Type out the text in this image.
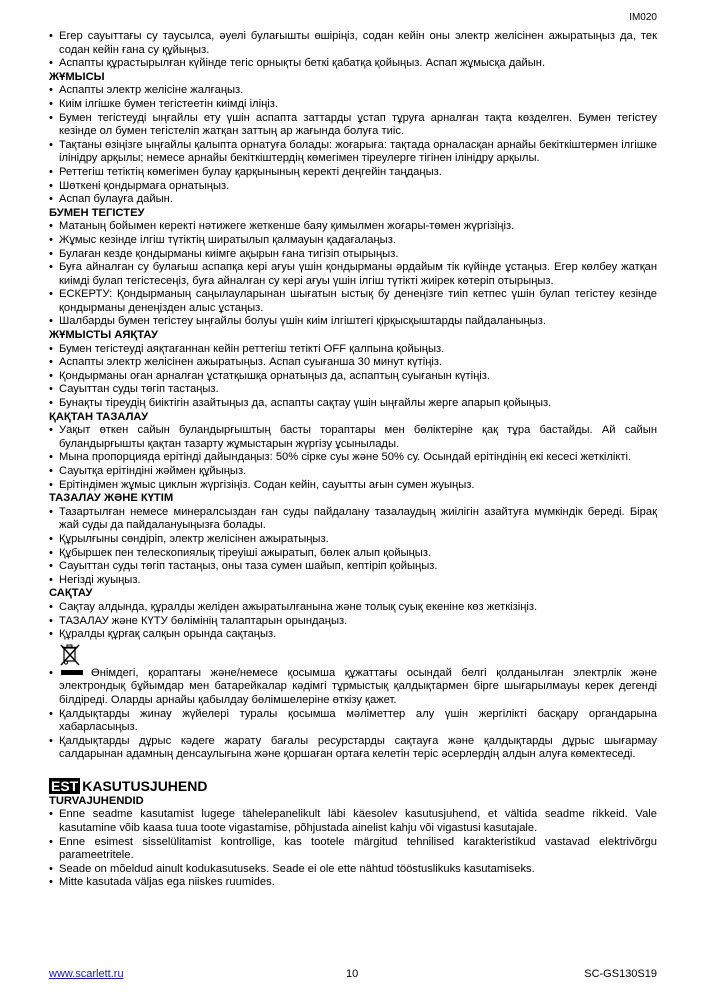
IM020
• Егер сауыттағы су таусылса, әуелі булағышты өшіріңіз, содан кейін оны электр желісінен ажыратыңыз да, тек содан кейін ғана су құйыңыз.
• Аспапты құрастырылған күйінде тегіс орнықты беткі қабатқа қойыңыз. Аспап жұмысқа дайын.

ЖҰМЫСЫ

• Аспапты электр желісіне жалғаңыз.
• Киім ілгішке бумен тегістеетін киімді іліңіз.
• Бумен тегістеуді ыңғайлы ету үшін аспапта заттарды ұстап тұруға арналған тақта көзделген. Бумен тегістеу кезінде ол бумен тегістеліп жатқан заттың ар жағында болуға тиіс.
• Тақтаны өзіңізге ыңғайлы қалыпта орнатуға болады: жоғарыға: тақтада орналасқан арнайы бекіткіштермен ілгішке ілінідру арқылы; немесе арнайы бекіткіштердің көмегімен тіреулерге тігінен ілінідру арқылы.
• Реттегіш тетіктің көмегімен булау қарқынының керекті деңгейін таңдаңыз.
• Шөткені қондырмаға орнатыңыз.
• Аспап булауға дайын.

БУМЕН ТЕГІСТЕУ

• Матаның бойымен керекті нәтижеге жеткенше баяу қимылмен жоғары-төмен жүргізіңіз.
• Жұмыс кезінде ілгіш түтіктің ширатылып қалмауын қадағалаңыз.
• Булаған кезде қондырманы киімге ақырын ғана тигізіп отырыңыз.
• Буға айналған су булағыш аспапқа кері ағуы үшін қондырманы әрдайым тік күйінде ұстаңыз. Егер көлбеу жатқан киімді булап тегістесеңіз, буға айналған су кері ағуы үшін ілгіш түтікті жиірек көтеріп отырыңыз.
• ЕСКЕРТУ: Қондырманың саңылауларынан шығатын ыстық бу денеңізге тиіп кетпес үшін булап тегістеу кезінде қондырманы денеңізден алыс ұстаңыз.
• Шалбарды бумен тегістеу ыңғайлы болуы үшін киім ілгіштегі қірқысқыштарды пайдаланыңыз.

ЖҰМЫСТЫ АЯҚТАУ

• Бумен тегістеуді аяқтағаннан кейін реттегіш тетікті OFF қалпына қойыңыз.
• Аспапты электр желісінен ажыратыңыз. Аспап суығанша 30 минут күтіңіз.
• Қондырманы оған арналған ұстатқышқа орнатыңыз да, аспаптың суығанын күтіңіз.
• Сауыттан суды төгіп тастаңыз.
• Бунақты тіреудің биіктігін азайтыңыз да, аспапты сақтау үшін ыңғайлы жерге апарып қойыңыз.

ҚАҚТАН ТАЗАЛАУ

• Уақыт өткен сайын буландырғыштың басты тораптары мен бөліктеріне қақ тұра бастайды. Ай сайын буландырғышты қақтан тазарту жұмыстарын жүргізу ұсынылады.
• Мына пропорцияда ерітінді дайындаңыз: 50% сірке суы және 50% су. Осындай ерітіндінің екі кесесі жеткілікті.
• Сауытқа ерітіндіні жәймен құйыңыз.
• Ерітіндімен жұмыс циклын жүргізіңіз. Содан кейін, сауытты ағын сумен жуыңыз.

ТАЗАЛАУ ЖӘНЕ КҮТІМ

• Тазартылған немесе минералсыздан ған суды пайдалану тазалаудың жиілігін азайтуға мүмкіндік береді. Бірақ жай суды да пайдалануыңызға болады.
• Құрылғыны сөндіріп, электр желісінен ажыратыңыз.
• Құбыршек пен телескопиялық тіреуіші ажыратып, бөлек алып қойыңыз.
• Сауыттан суды төгіп тастаңыз, оны таза сумен шайып, кептіріп қойыңыз.
• Негізді жуыңыз.

САҚТАУ

• Сақтау алдында, құралды желіден ажыратылғанына және толық суық екеніне көз жеткізіңіз.
• ТАЗАЛАУ және КҮТУ бөлімінің талаптарын орындаңыз.
• Құралды құрғақ салқын орында сақтаңыз.
• Өнімдегі, қораптағы және/немесе қосымша құжаттағы осындай белгі қолданылған электрлік және электрондық бұйымдар мен батарейкалар кәдімгі тұрмыстық қалдықтармен бірге шығарылмауы керек дегенді білдіреді. Оларды арнайы қабылдау бөлімшелеріне өткізу қажет.
• Қалдықтарды жинау жүйелері туралы қосымша мәліметтер алу үшін жергілікті басқару органдарына хабарласыңыз.
• Қалдықтарды дұрыс кәдеге жарату бағалы ресурстарды сақтауға және қалдықтарды дұрыс шығармау салдарынан адамның денсаулығына және қоршаған ортаға келетін теріс әсерлердің алдын алуға көмектеседі.
EST KASUTUSJUHEND

TURVAJUHENDID

• Enne seadme kasutamist lugege tähelepanelikult läbi käesolev kasutusjuhend, et vältida seadme rikkeid. Vale kasutamine võib kaasa tuua toote vigastamise, põhjustada ainelist kahju või vigastusi kasutajale.
• Enne esimest sisselülitamist kontrollige, kas tootele märgitud tehnilised karakteristikud vastavad elektrivõrgu parameetritele.
• Seade on mõeldud ainult kodukasutuseks. Seade ei ole ette nähtud tööstuslikuks kasutamiseks.
• Mitte kasutada väljas ega niiskes ruumides.
www.scarlett.ru	10	SC-GS130S19
